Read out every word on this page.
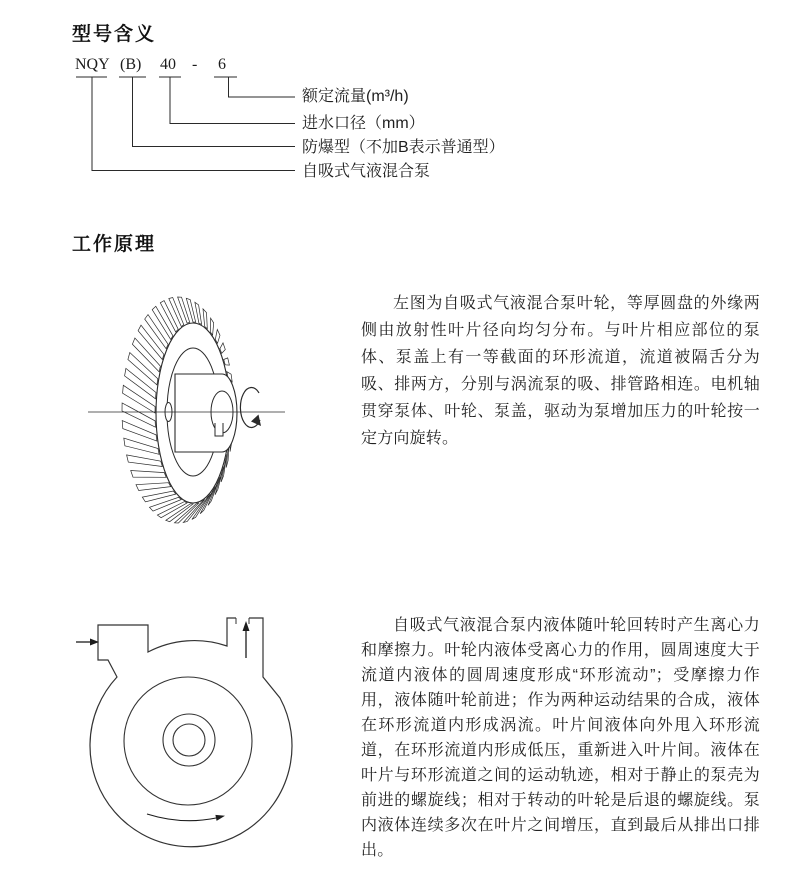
型号含义
NQY (B) 40 - 6
额定流量(m³/h)
进水口径（mm）
防爆型（不加B表示普通型）
自吸式气液混合泵
工作原理
左图为自吸式气液混合泵叶轮，等厚圆盘的外缘两侧由放射性叶片径向均匀分布。与叶片相应部位的泵体、泵盖上有一等截面的环形流道，流道被隔舌分为吸、排两方，分别与涡流泵的吸、排管路相连。电机轴贯穿泵体、叶轮、泵盖，驱动为泵增加压力的叶轮按一定方向旋转。
自吸式气液混合泵内液体随叶轮回转时产生离心力和摩擦力。叶轮内液体受离心力的作用，圆周速度大于流道内液体的圆周速度形成“环形流动”；受摩擦力作用，液体随叶轮前进；作为两种运动结果的合成，液体在环形流道内形成涡流。叶片间液体向外甩入环形流道，在环形流道内形成低压，重新进入叶片间。液体在叶片与环形流道之间的运动轨迹，相对于静止的泵壳为前进的螺旋线；相对于转动的叶轮是后退的螺旋线。泵内液体连续多次在叶片之间增压，直到最后从排出口排出。
